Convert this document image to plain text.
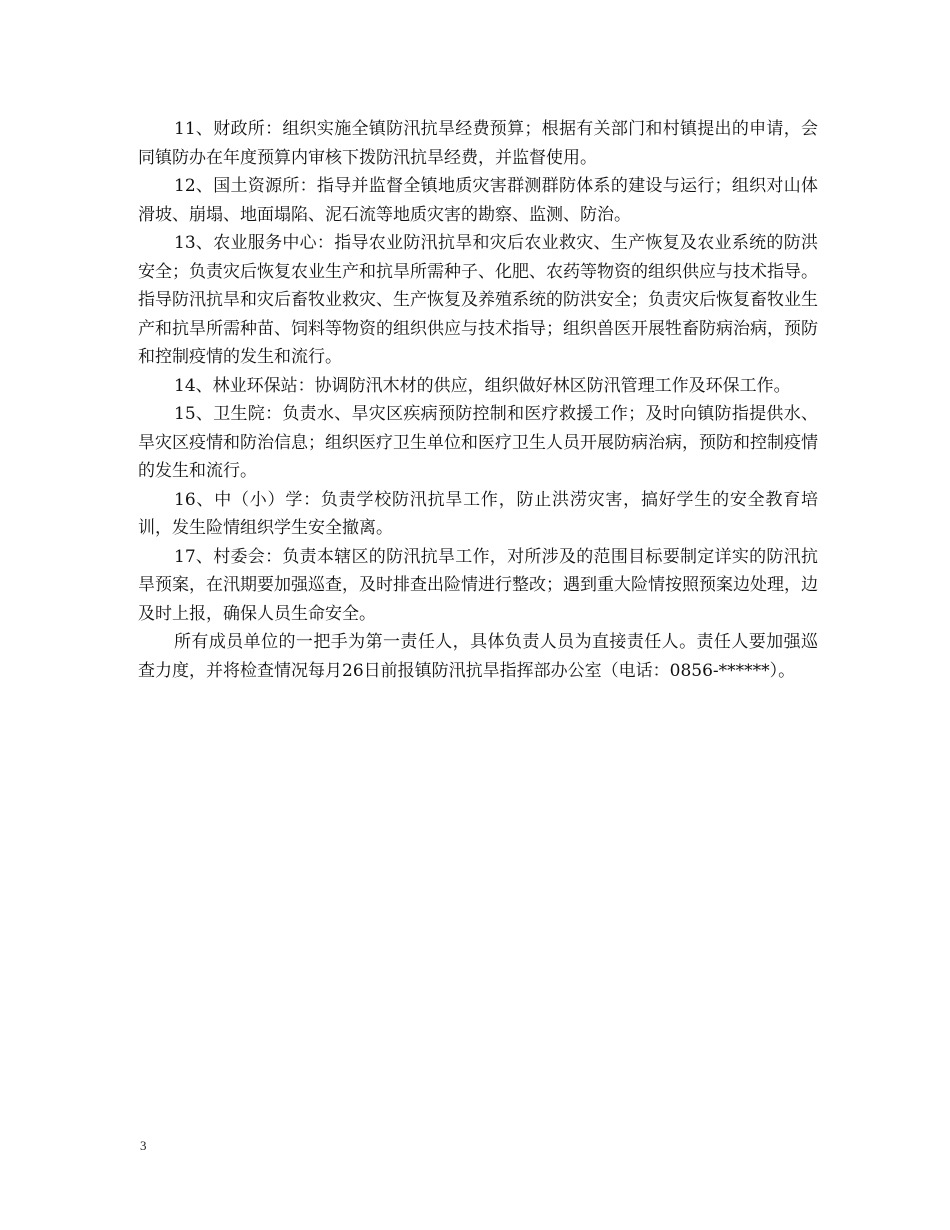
11、财政所：组织实施全镇防汛抗旱经费预算；根据有关部门和村镇提出的申请，会同镇防办在年度预算内审核下拨防汛抗旱经费，并监督使用。

12、国土资源所：指导并监督全镇地质灾害群测群防体系的建设与运行；组织对山体滑坡、崩塌、地面塌陷、泥石流等地质灾害的勘察、监测、防治。

13、农业服务中心：指导农业防汛抗旱和灾后农业救灾、生产恢复及农业系统的防洪安全；负责灾后恢复农业生产和抗旱所需种子、化肥、农药等物资的组织供应与技术指导。指导防汛抗旱和灾后畜牧业救灾、生产恢复及养殖系统的防洪安全；负责灾后恢复畜牧业生产和抗旱所需种苗、饲料等物资的组织供应与技术指导；组织兽医开展牲畜防病治病，预防和控制疫情的发生和流行。

14、林业环保站：协调防汛木材的供应，组织做好林区防汛管理工作及环保工作。

15、卫生院：负责水、旱灾区疾病预防控制和医疗救援工作；及时向镇防指提供水、旱灾区疫情和防治信息；组织医疗卫生单位和医疗卫生人员开展防病治病，预防和控制疫情的发生和流行。

16、中（小）学：负责学校防汛抗旱工作，防止洪涝灾害，搞好学生的安全教育培训，发生险情组织学生安全撤离。

17、村委会：负责本辖区的防汛抗旱工作，对所涉及的范围目标要制定详实的防汛抗旱预案，在汛期要加强巡查，及时排查出险情进行整改；遇到重大险情按照预案边处理，边及时上报，确保人员生命安全。

所有成员单位的一把手为第一责任人，具体负责人员为直接责任人。责任人要加强巡查力度，并将检查情况每月26日前报镇防汛抗旱指挥部办公室（电话：0856-******）。

3
